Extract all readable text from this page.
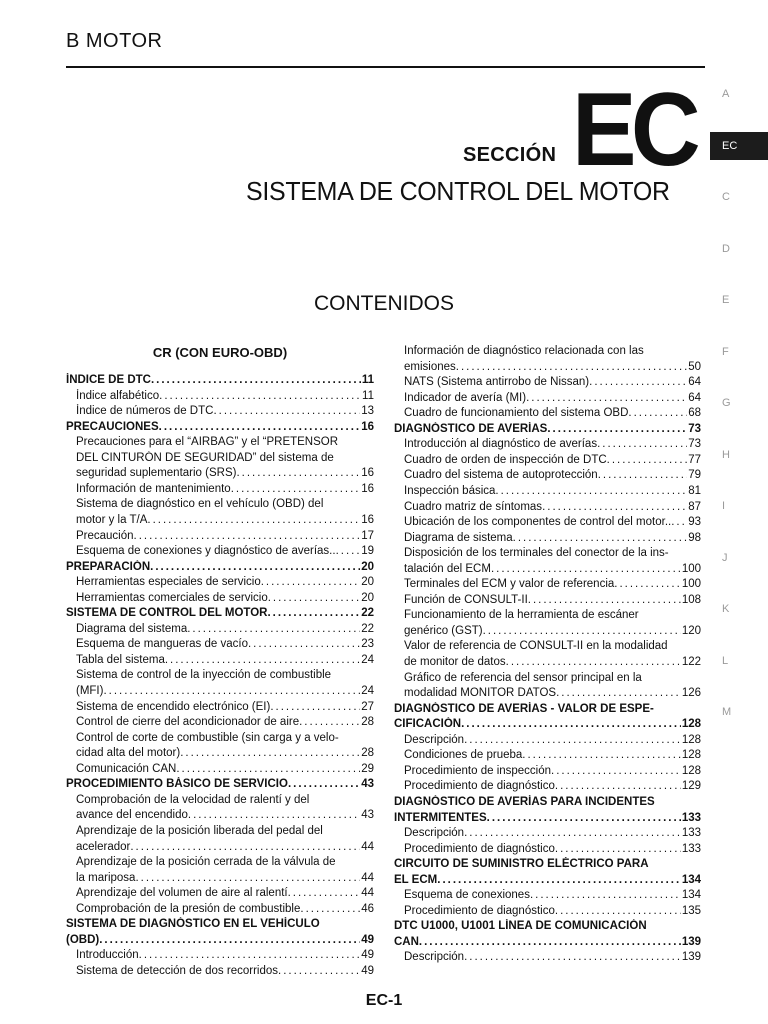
B MOTOR
SECCIÓN EC
SISTEMA DE CONTROL DEL MOTOR
CONTENIDOS
A
EC
C
D
E
F
G
H
I
J
K
L
M
CR (CON EURO-OBD)
ÍNDICE DE DTC . . .	11
Índice alfabético . . .	11
Índice de números de DTC . . .	13
PRECAUCIONES . . .	16
Precauciones para el “AIRBAG” y el “PRETENSOR
DEL CINTURÓN DE SEGURIDAD” del sistema de
seguridad suplementario (SRS) . . .	16
Información de mantenimiento . . .	16
Sistema de diagnóstico en el vehículo (OBD) del
motor y la T/A . . .	16
Precaución . . .	17
Esquema de conexiones y diagnóstico de averías.. . . . 19
PREPARACIÓN . . .	20
Herramientas especiales de servicio . . .	20
Herramientas comerciales de servicio . . .	20
SISTEMA DE CONTROL DEL MOTOR . . .	22
Diagrama del sistema . . .	22
Esquema de mangueras de vacío . . .	23
Tabla del sistema . . .	24
Sistema de control de la inyección de combustible
(MFI) . . .	24
Sistema de encendido electrónico (EI) . . .	27
Control de cierre del acondicionador de aire . . .	28
Control de corte de combustible (sin carga y a velo-
cidad alta del motor) . . .	28
Comunicación CAN . . .	29
PROCEDIMIENTO BÁSICO DE SERVICIO . . .	43
Comprobación de la velocidad de ralentí y del
avance del encendido . . .	43
Aprendizaje de la posición liberada del pedal del
acelerador . . .	44
Aprendizaje de la posición cerrada de la válvula de
la mariposa . . .	44
Aprendizaje del volumen de aire al ralentí . . .	44
Comprobación de la presión de combustible . . .	46
SISTEMA DE DIAGNÓSTICO EN EL VEHÍCULO
(OBD) . . .	49
Introducción . . .	49
Sistema de detección de dos recorridos . . .	49
Información de diagnóstico relacionada con las
emisiones . . .	50
NATS (Sistema antirrobo de Nissan) . . .	64
Indicador de avería (MI) . . .	64
Cuadro de funcionamiento del sistema OBD . . .	68
DIAGNÓSTICO DE AVERÍAS . . .	73
Introducción al diagnóstico de averías . . .	73
Cuadro de orden de inspección de DTC . . .	77
Cuadro del sistema de autoprotección . . .	79
Inspección básica . . .	81
Cuadro matriz de síntomas . . .	87
Ubicación de los componentes de control del motor.. . . . 93
Diagrama de sistema . . .	98
Disposición de los terminales del conector de la ins-
talación del ECM . . .	100
Terminales del ECM y valor de referencia . . .	100
Función de CONSULT-II . . .	108
Funcionamiento de la herramienta de escáner
genérico (GST) . . .	120
Valor de referencia de CONSULT-II en la modalidad
de monitor de datos . . .	122
Gráfico de referencia del sensor principal en la
modalidad MONITOR DATOS . . .	126
DIAGNÓSTICO DE AVERÍAS - VALOR DE ESPE-
CIFICACIÓN . . .	128
Descripción . . .	128
Condiciones de prueba . . .	128
Procedimiento de inspección . . .	128
Procedimiento de diagnóstico . . .	129
DIAGNÓSTICO DE AVERÍAS PARA INCIDENTES
INTERMITENTES . . .	133
Descripción . . .	133
Procedimiento de diagnóstico . . .	133
CIRCUITO DE SUMINISTRO ELÉCTRICO PARA
EL ECM . . .	134
Esquema de conexiones . . .	134
Procedimiento de diagnóstico . . .	135
DTC U1000, U1001 LÍNEA DE COMUNICACIÓN
CAN . . .	139
Descripción . . .	139
EC-1
